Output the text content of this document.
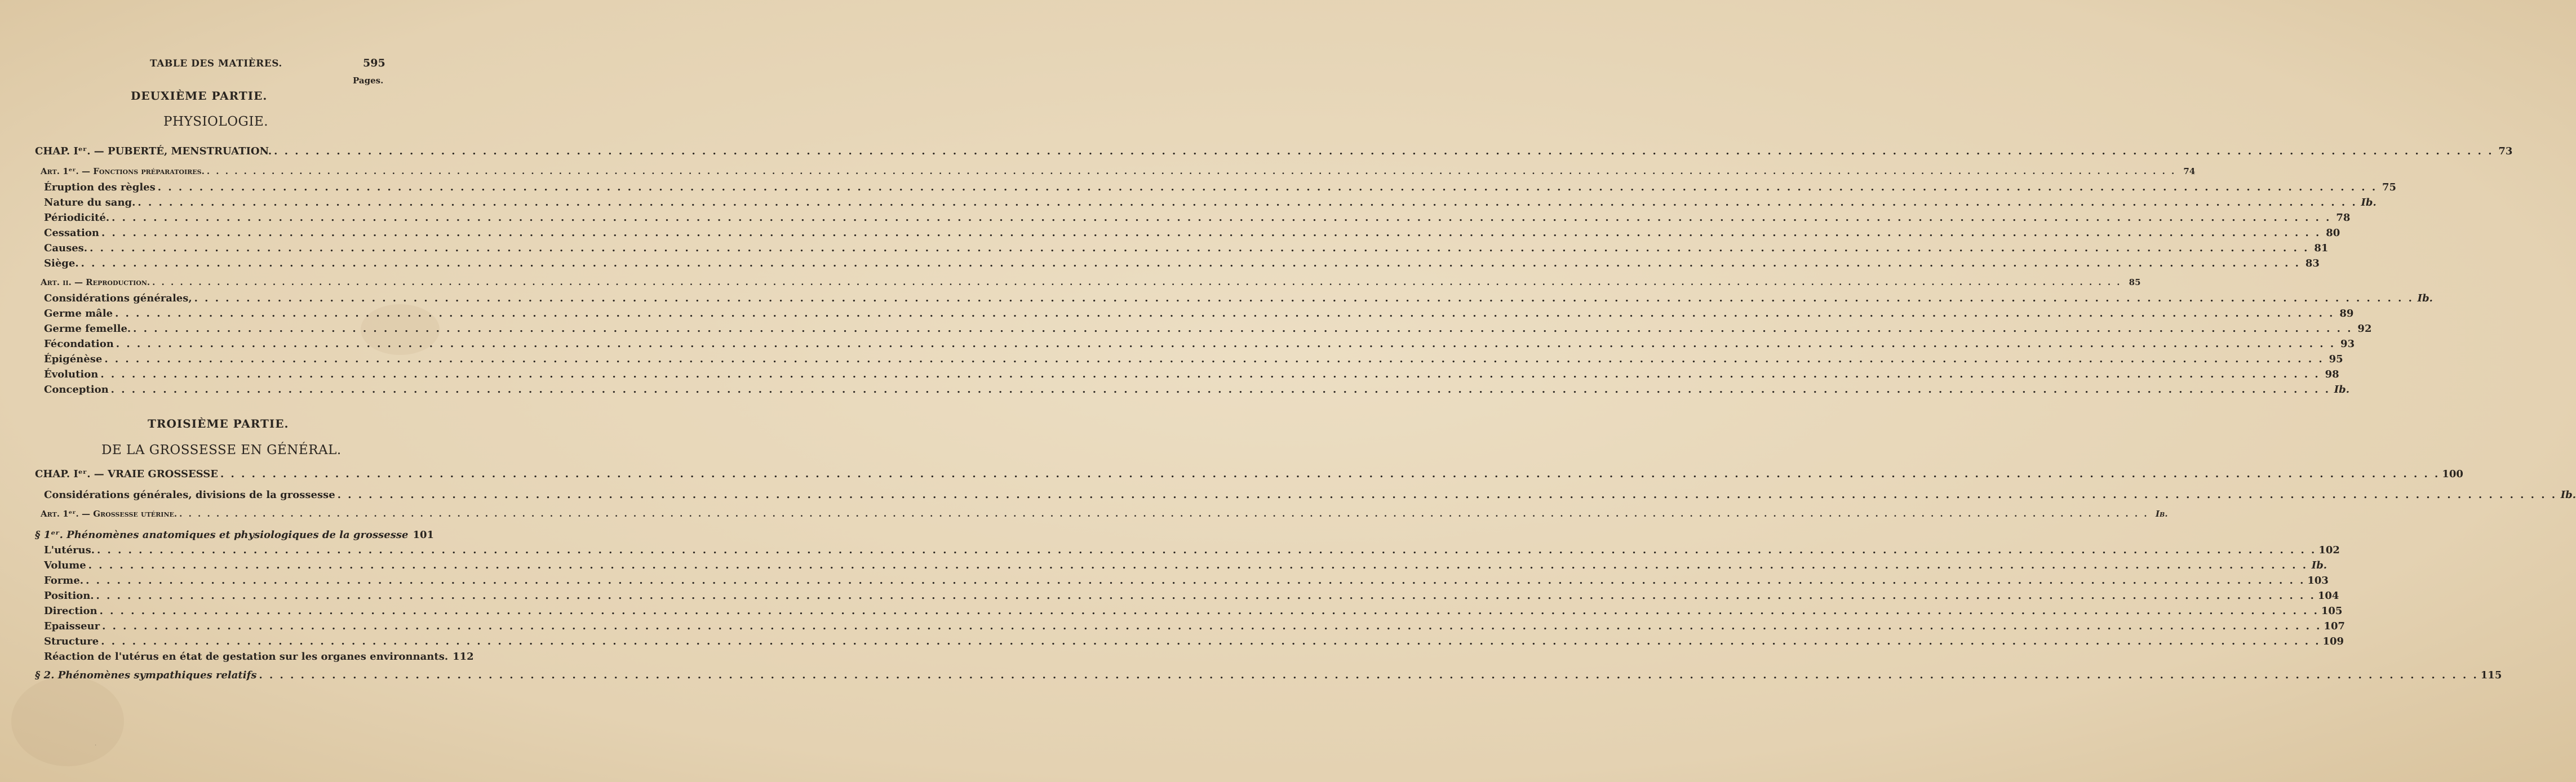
TABLE DES MATIÈRES.	595
Pages.
DEUXIÈME PARTIE.
PHYSIOLOGIE.
CHAP. Iᵉʳ. — PUBERTÉ, MENSTRUATION. . . .	73
Art. 1ᵉʳ. — Fonctions préparatoires. . . .	74
Éruption des règles . . .	75
Nature du sang. . . .	Ib.
Périodicité. . . .	78
Cessation . . .	80
Causes. . . .	81
Siège. . . .	83
Art. ii. — Reproduction. . . .	85
Considérations générales, . . .	Ib.
Germe mâle . . .	89
Germe femelle. . . .	92
Fécondation . . .	93
Épigénèse . . .	95
Évolution . . .	98
Conception . . .	Ib.
TROISIÈME PARTIE.
DE LA GROSSESSE EN GÉNÉRAL.
CHAP. Iᵉʳ. — VRAIE GROSSESSE . . .	100
Considérations générales, divisions de la grossesse . . .	Ib.
Art. 1ᵉʳ. — Grossesse utérine. . . .	Ib.
§ 1ᵉʳ. Phénomènes anatomiques et physiologiques de la grossesse 101
L'utérus. . . .	102
Volume . . .	Ib.
Forme. . . .	103
Position. . . .	104
Direction . . .	105
Epaisseur . . .	107
Structure . . .	109
Réaction de l'utérus en état de gestation sur les organes environnants. 112
§ 2. Phénomènes sympathiques relatifs . . .	115
·
